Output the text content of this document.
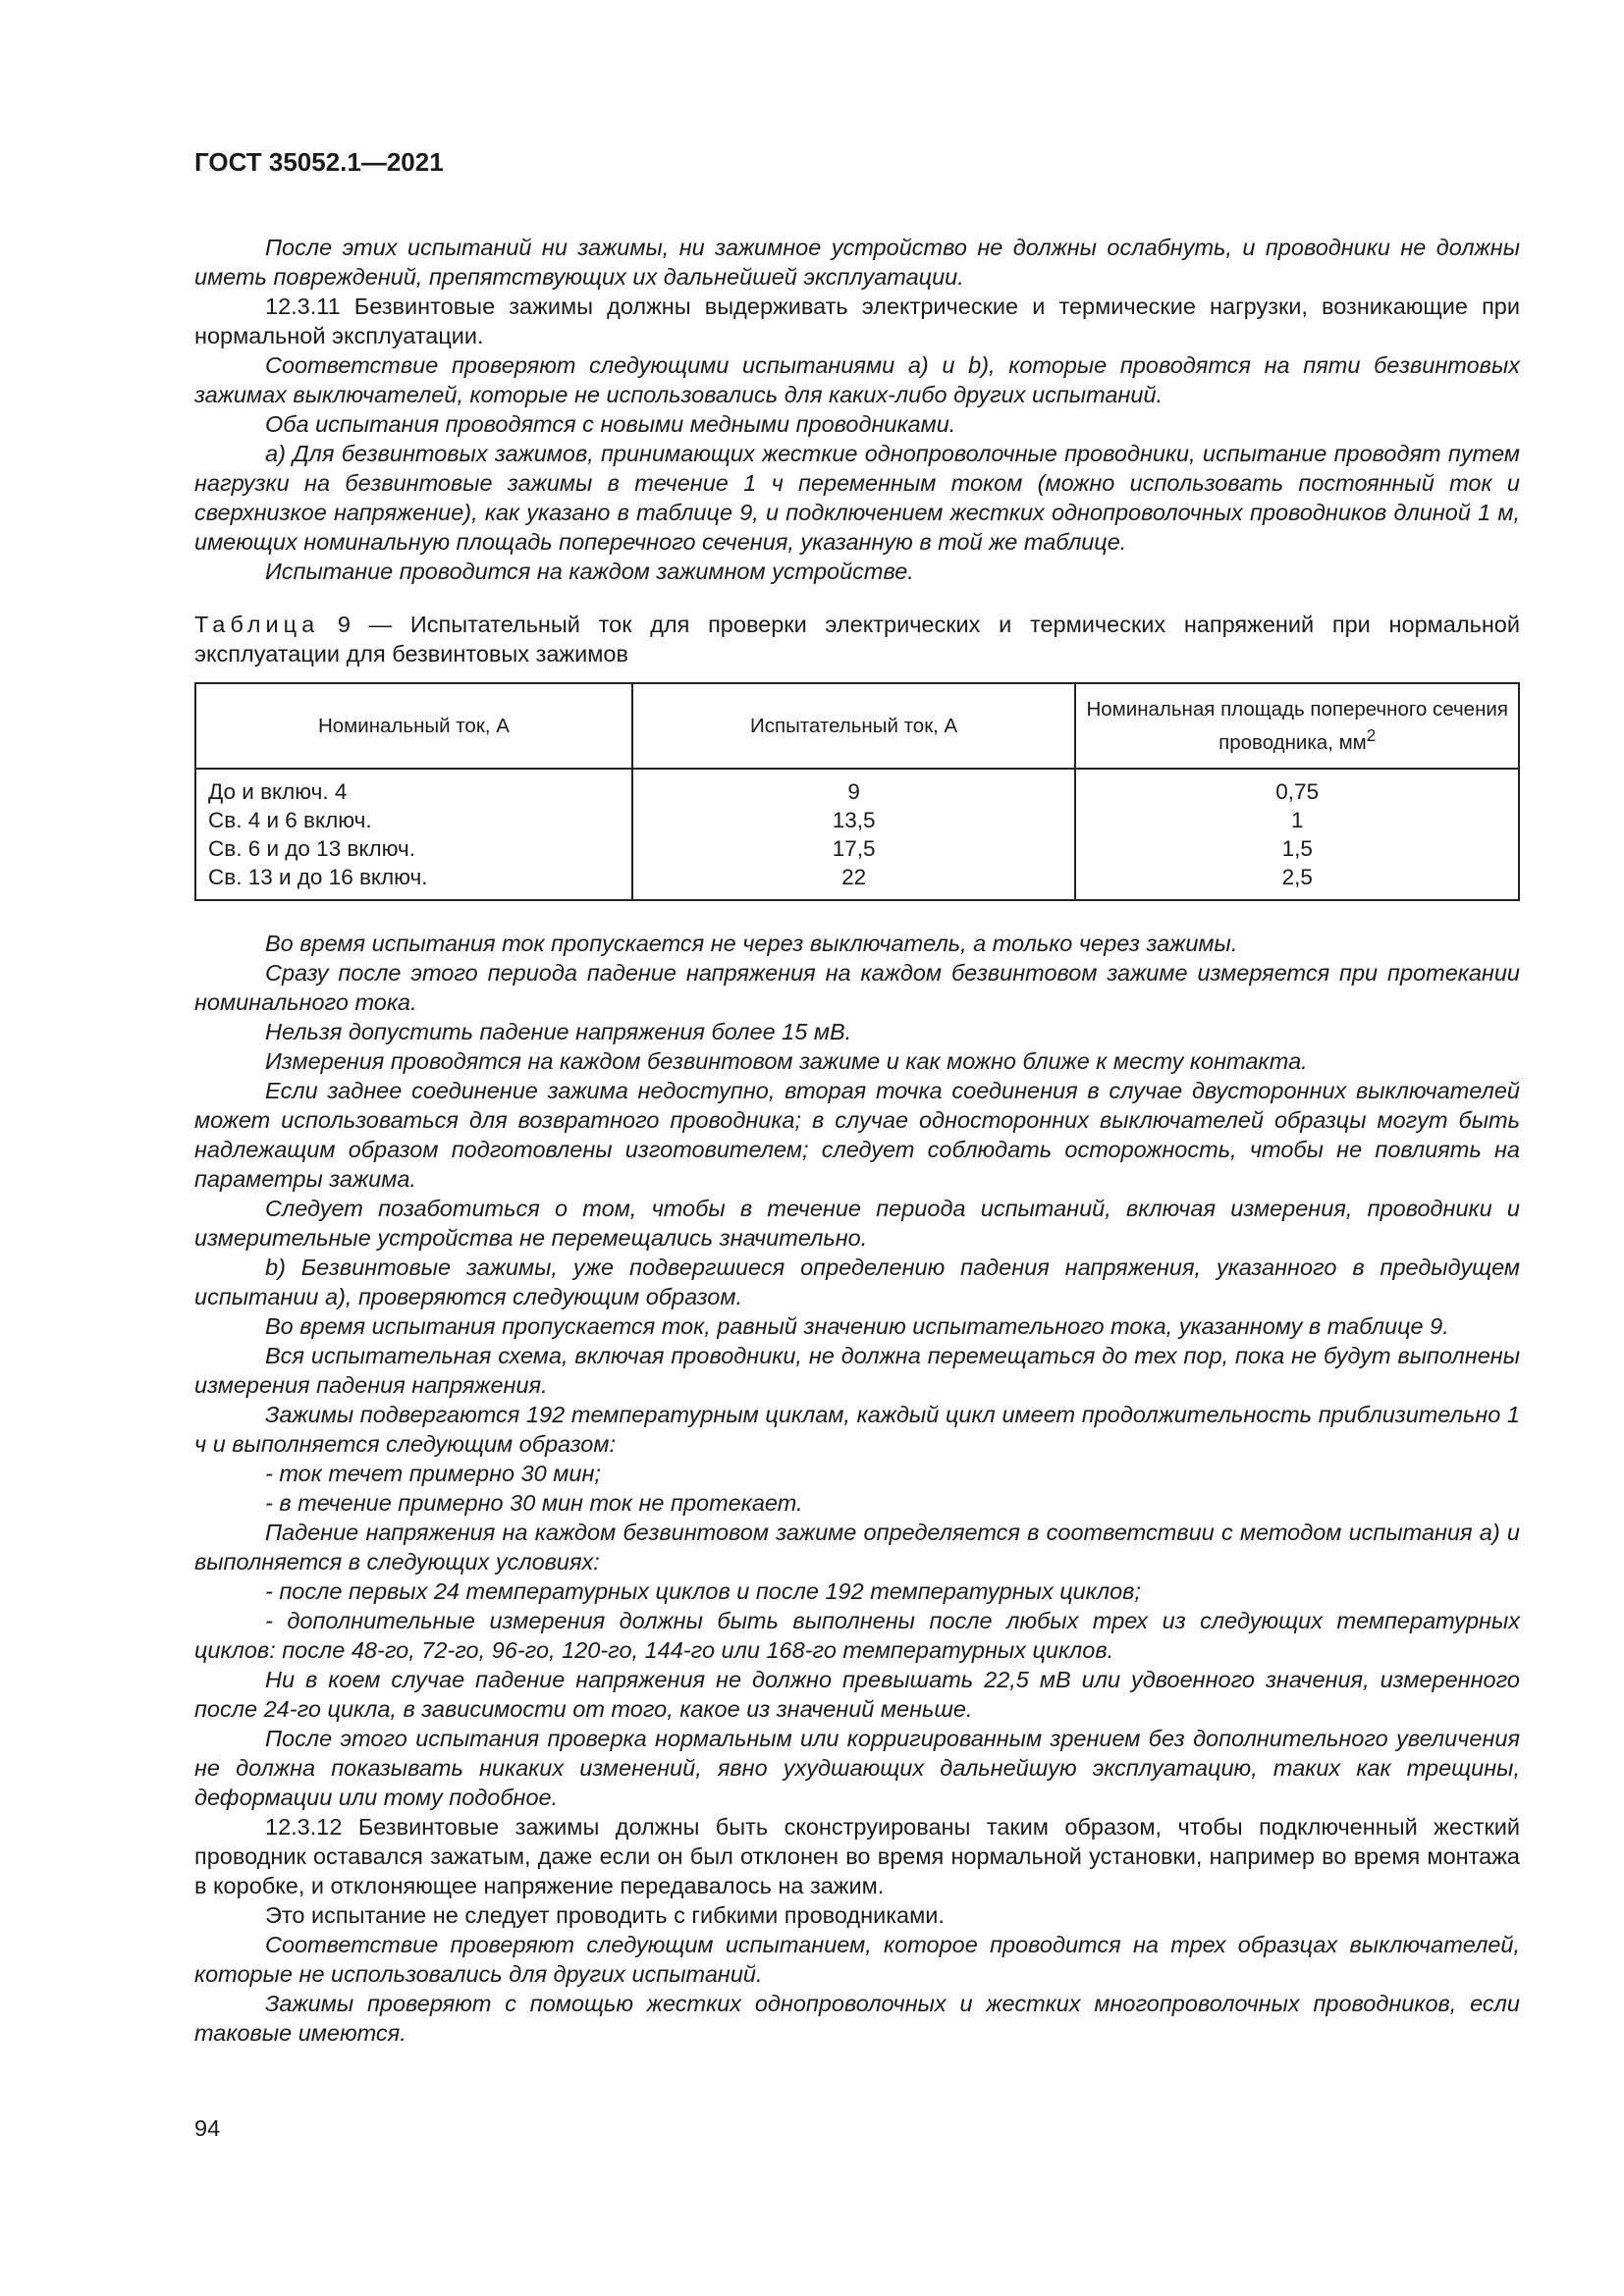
ГОСТ 35052.1—2021

После этих испытаний ни зажимы, ни зажимное устройство не должны ослабнуть, и проводники не должны иметь повреждений, препятствующих их дальнейшей эксплуатации.

12.3.11 Безвинтовые зажимы должны выдерживать электрические и термические нагрузки, возникающие при нормальной эксплуатации.

Соответствие проверяют следующими испытаниями a) и b), которые проводятся на пяти безвинтовых зажимах выключателей, которые не использовались для каких-либо других испытаний.

Оба испытания проводятся с новыми медными проводниками.

a) Для безвинтовых зажимов, принимающих жесткие однопроволочные проводники, испытание проводят путем нагрузки на безвинтовые зажимы в течение 1 ч переменным током (можно использовать постоянный ток и сверхнизкое напряжение), как указано в таблице 9, и подключением жестких однопроволочных проводников длиной 1 м, имеющих номинальную площадь поперечного сечения, указанную в той же таблице.

Испытание проводится на каждом зажимном устройстве.

Таблица 9 — Испытательный ток для проверки электрических и термических напряжений при нормальной эксплуатации для безвинтовых зажимов
Номинальный ток, А	Испытательный ток, А	Номинальная площадь поперечного сечения проводника, $мм^2$
До и включ. 4	9	0,75
Св. 4 и 6 включ.	13,5	1
Св. 6 и до 13 включ.	17,5	1,5
Св. 13 и до 16 включ.	22	2,5

Во время испытания ток пропускается не через выключатель, а только через зажимы.

Сразу после этого периода падение напряжения на каждом безвинтовом зажиме измеряется при протекании номинального тока.

Нельзя допустить падение напряжения более 15 мВ.

Измерения проводятся на каждом безвинтовом зажиме и как можно ближе к месту контакта.

Если заднее соединение зажима недоступно, вторая точка соединения в случае двусторонних выключателей может использоваться для возвратного проводника; в случае односторонних выключателей образцы могут быть надлежащим образом подготовлены изготовителем; следует соблюдать осторожность, чтобы не повлиять на параметры зажима.

Следует позаботиться о том, чтобы в течение периода испытаний, включая измерения, проводники и измерительные устройства не перемещались значительно.

b) Безвинтовые зажимы, уже подвергшиеся определению падения напряжения, указанного в предыдущем испытании а), проверяются следующим образом.

Во время испытания пропускается ток, равный значению испытательного тока, указанному в таблице 9.

Вся испытательная схема, включая проводники, не должна перемещаться до тех пор, пока не будут выполнены измерения падения напряжения.

Зажимы подвергаются 192 температурным циклам, каждый цикл имеет продолжительность приблизительно 1 ч и выполняется следующим образом:

- ток течет примерно 30 мин;

- в течение примерно 30 мин ток не протекает.

Падение напряжения на каждом безвинтовом зажиме определяется в соответствии с методом испытания а) и выполняется в следующих условиях:

- после первых 24 температурных циклов и после 192 температурных циклов;

- дополнительные измерения должны быть выполнены после любых трех из следующих температурных циклов: после 48-го, 72-го, 96-го, 120-го, 144-го или 168-го температурных циклов.

Ни в коем случае падение напряжения не должно превышать 22,5 мВ или удвоенного значения, измеренного после 24-го цикла, в зависимости от того, какое из значений меньше.

После этого испытания проверка нормальным или корригированным зрением без дополнительного увеличения не должна показывать никаких изменений, явно ухудшающих дальнейшую эксплуатацию, таких как трещины, деформации или тому подобное.

12.3.12 Безвинтовые зажимы должны быть сконструированы таким образом, чтобы подключенный жесткий проводник оставался зажатым, даже если он был отклонен во время нормальной установки, например во время монтажа в коробке, и отклоняющее напряжение передавалось на зажим.

Это испытание не следует проводить с гибкими проводниками.

Соответствие проверяют следующим испытанием, которое проводится на трех образцах выключателей, которые не использовались для других испытаний.

Зажимы проверяют с помощью жестких однопроволочных и жестких многопроволочных проводников, если таковые имеются.

94
